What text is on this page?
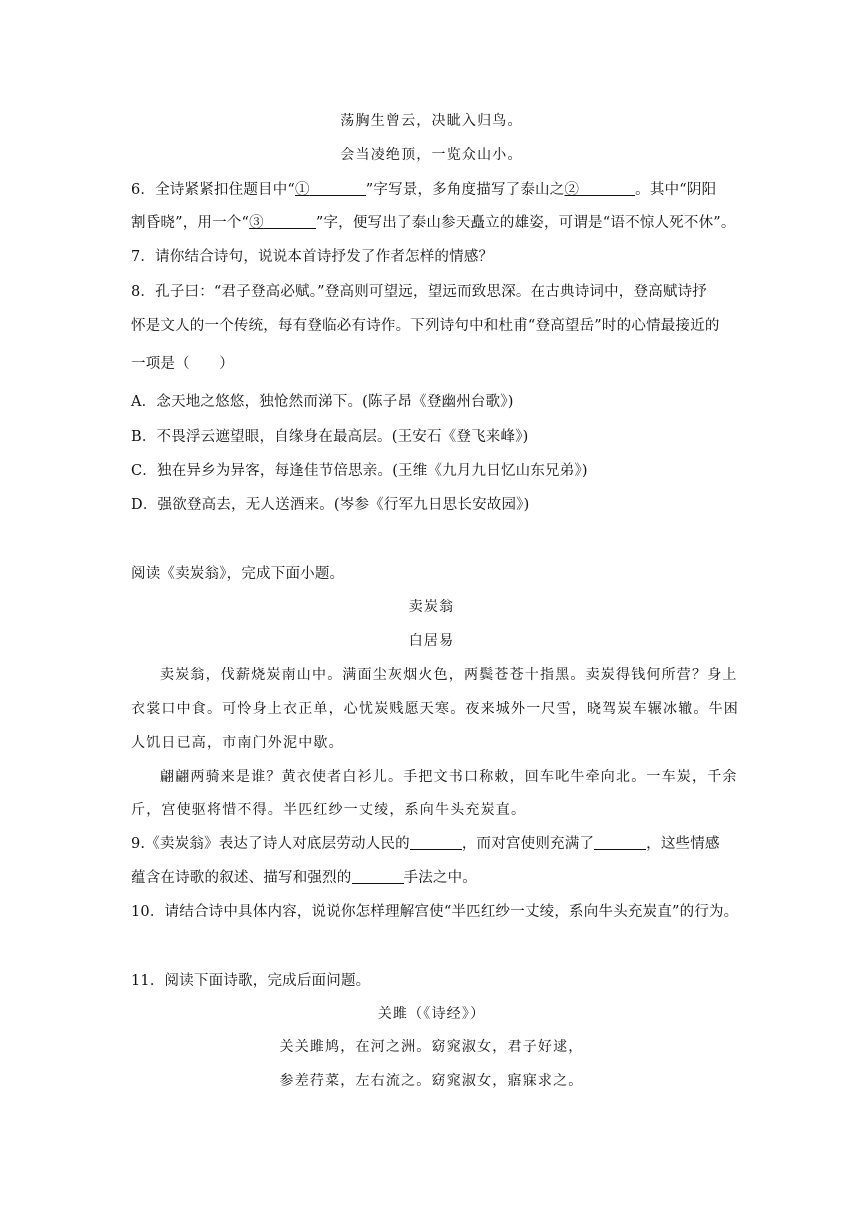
荡胸生曾云，决眦入归鸟。
会当凌绝顶，一览众山小。
6．全诗紧紧扣住题目中“①	”字写景，多角度描写了泰山之②	。其中“阴阳
割昏晓”，用一个“③	”字，便写出了泰山参天矗立的雄姿，可谓是“语不惊人死不休”。
7．请你结合诗句，说说本首诗抒发了作者怎样的情感？
8．孔子曰：“君子登高必赋。”登高则可望远，望远而致思深。在古典诗词中，登高赋诗抒
怀是文人的一个传统，每有登临必有诗作。下列诗句中和杜甫“登高望岳”时的心情最接近的
一项是（　　）
A．念天地之悠悠，独怆然而涕下。(陈子昂《登幽州台歌》)
B．不畏浮云遮望眼，自缘身在最高层。(王安石《登飞来峰》)
C．独在异乡为异客，每逢佳节倍思亲。(王维《九月九日忆山东兄弟》)
D．强欲登高去，无人送酒来。(岑参《行军九日思长安故园》)
阅读《卖炭翁》，完成下面小题。
卖炭翁
白居易
卖炭翁，伐薪烧炭南山中。满面尘灰烟火色，两鬓苍苍十指黑。卖炭得钱何所营？身上
衣裳口中食。可怜身上衣正单，心忧炭贱愿天寒。夜来城外一尺雪，晓驾炭车辗冰辙。牛困
人饥日已高，市南门外泥中歇。
翩翩两骑来是谁？黄衣使者白衫儿。手把文书口称敕，回车叱牛牵向北。一车炭，千余
斤，宫使驱将惜不得。半匹红纱一丈绫，系向牛头充炭直。
9.《卖炭翁》表达了诗人对底层劳动人民的	，而对宫使则充满了	，这些情感
蕴含在诗歌的叙述、描写和强烈的	手法之中。
10．请结合诗中具体内容，说说你怎样理解宫使“半匹红纱一丈绫，系向牛头充炭直”的行为。
11．阅读下面诗歌，完成后面问题。
关雎（《诗经》）
关关雎鸠，在河之洲。窈窕淑女，君子好逑，
参差荇菜，左右流之。窈窕淑女，寤寐求之。
